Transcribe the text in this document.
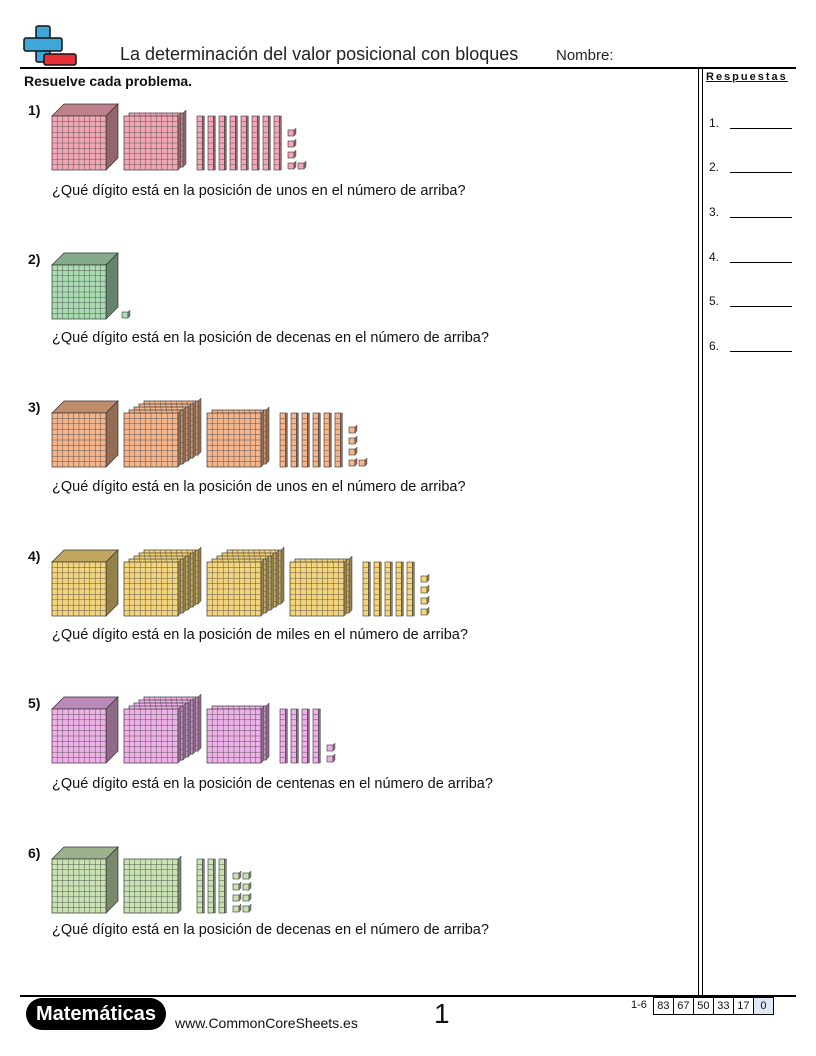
La determinación del valor posicional con bloques	Nombre:
Resuelve cada problema.	Respuestas
1.
2.
3.
4.
5.
6.
1)
¿Qué dígito está en la posición de unos en el número de arriba?
2)
¿Qué dígito está en la posición de decenas en el número de arriba?
3)
¿Qué dígito está en la posición de unos en el número de arriba?
4)
¿Qué dígito está en la posición de miles en el número de arriba?
5)
¿Qué dígito está en la posición de centenas en el número de arriba?
6)
¿Qué dígito está en la posición de decenas en el número de arriba?
Matemáticas	www.CommonCoreSheets.es	1	1-6 83 67 50 33 17 0
